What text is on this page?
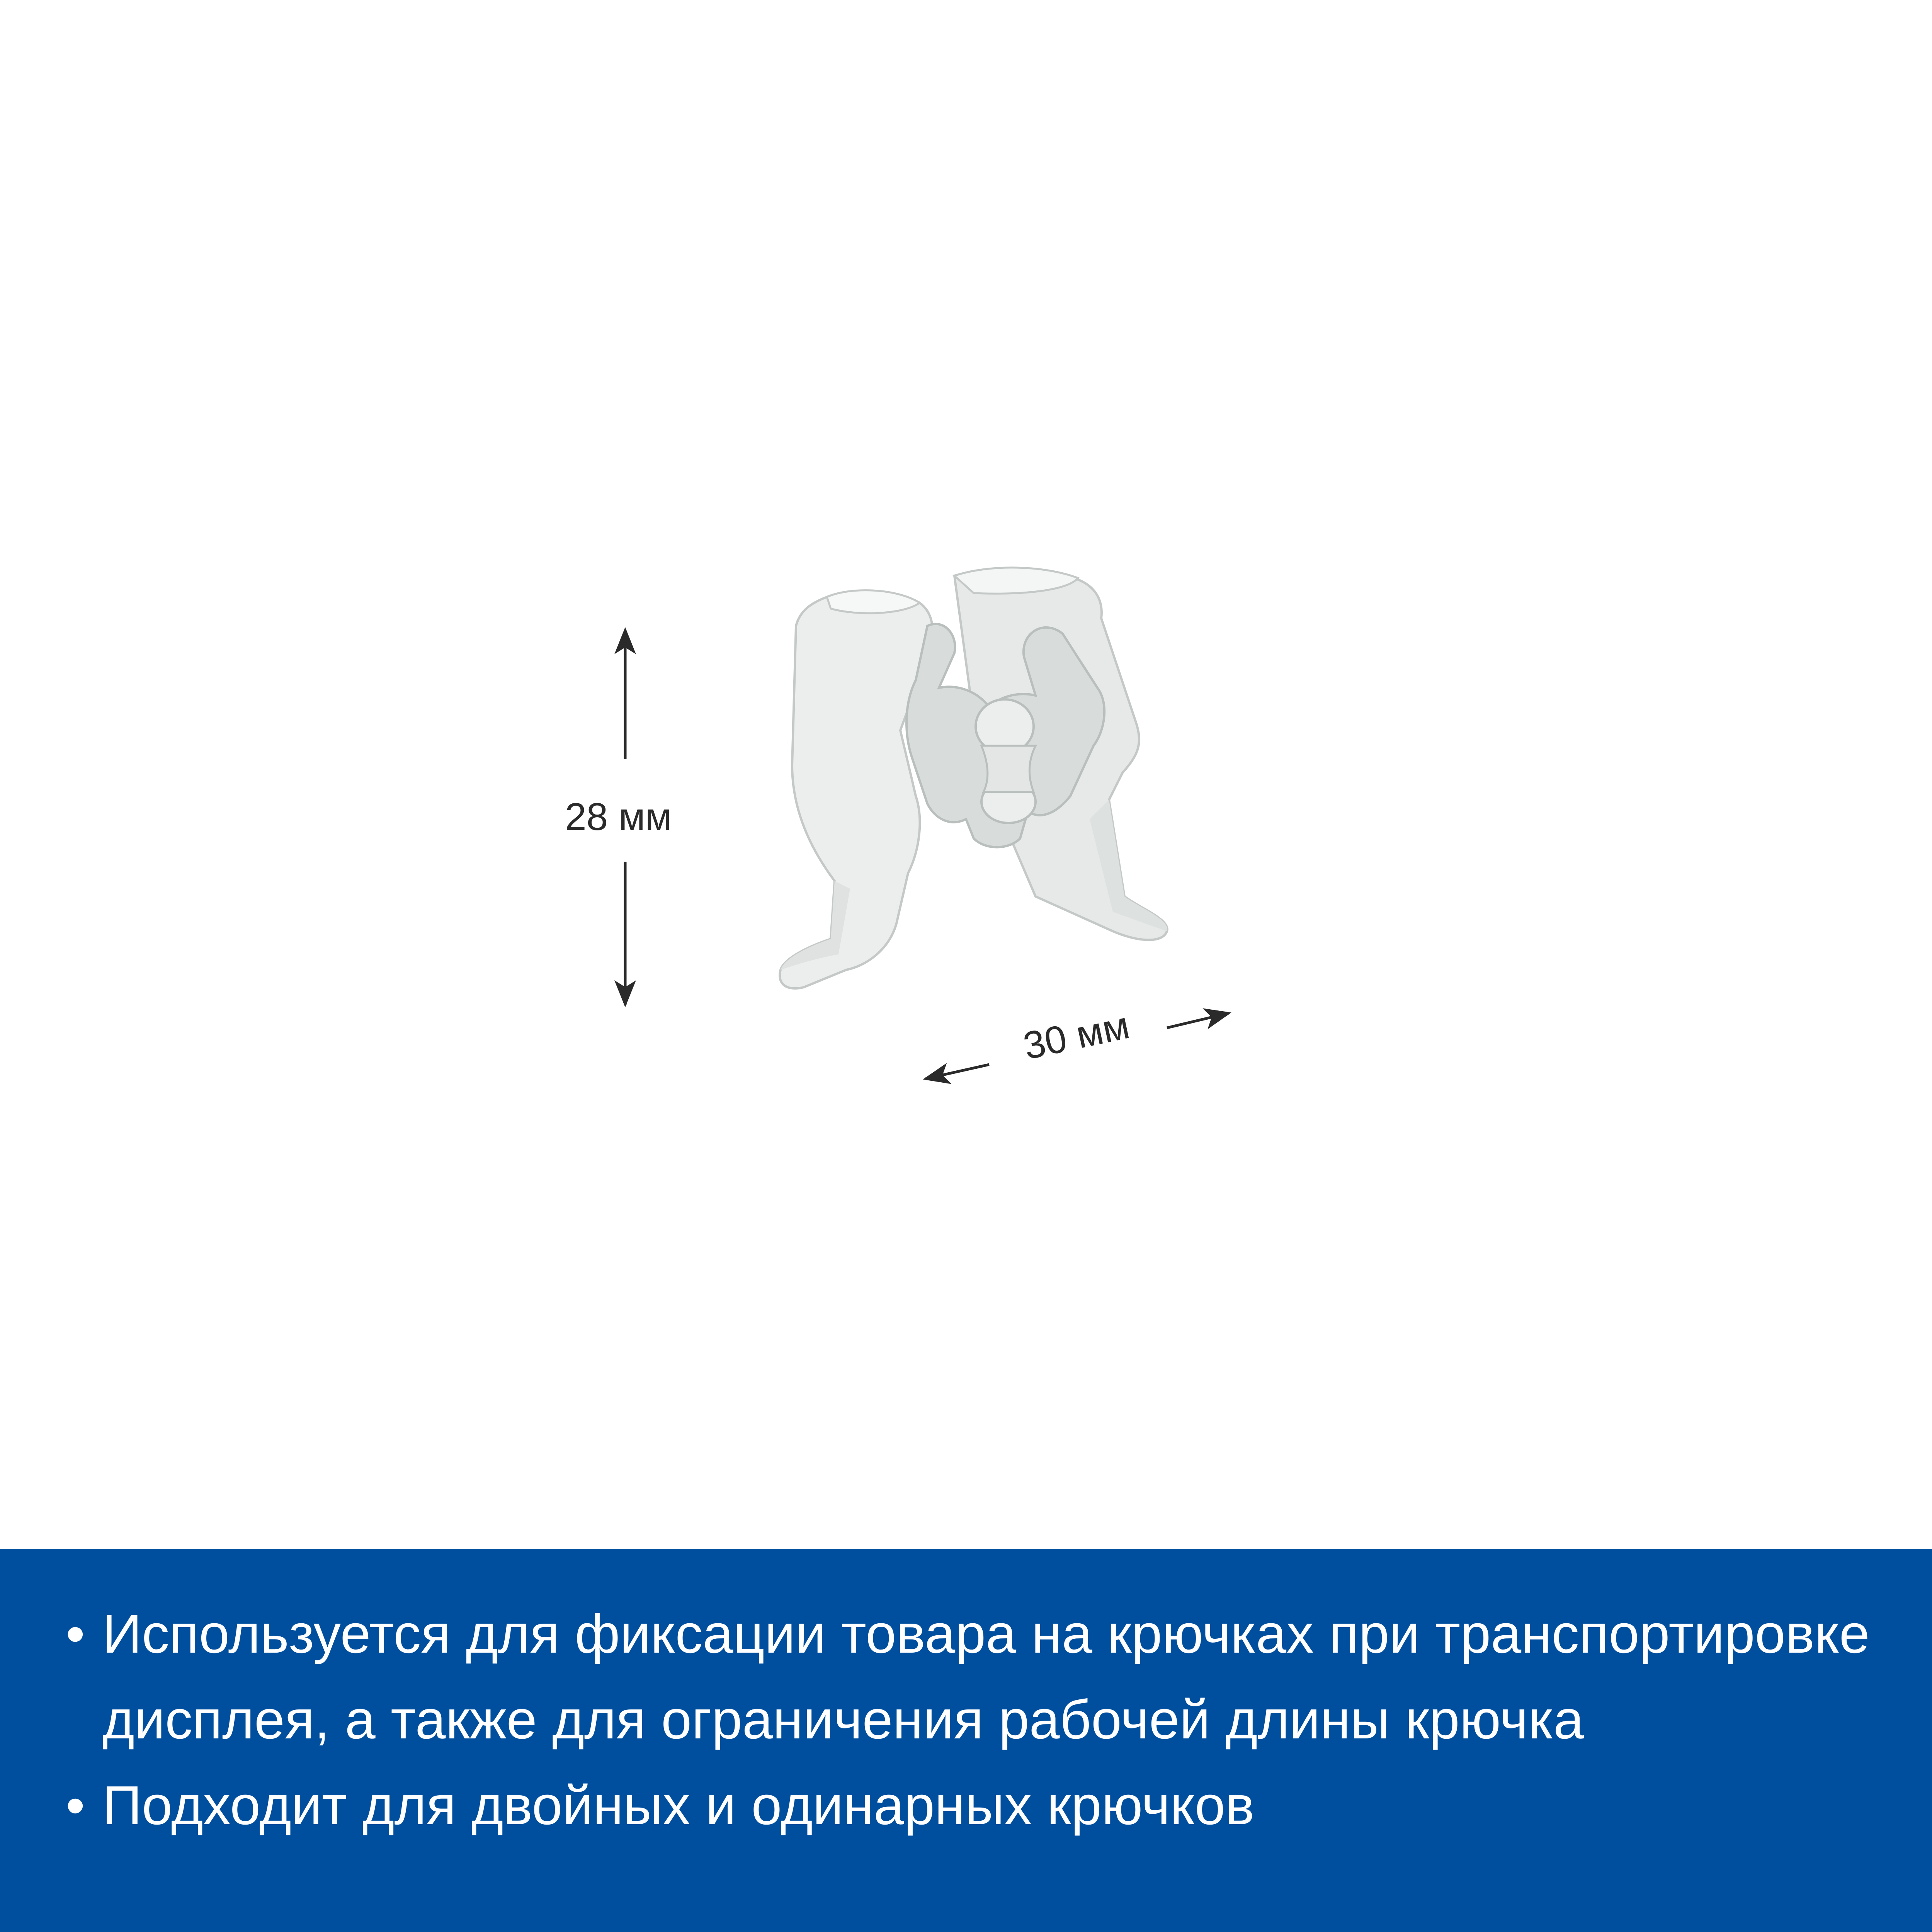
28 мм
30 мм
• Используется для фиксации товара на крючках при транспортировке дисплея, а также для ограничения рабочей длины крючка
• Подходит для двойных и одинарных крючков
